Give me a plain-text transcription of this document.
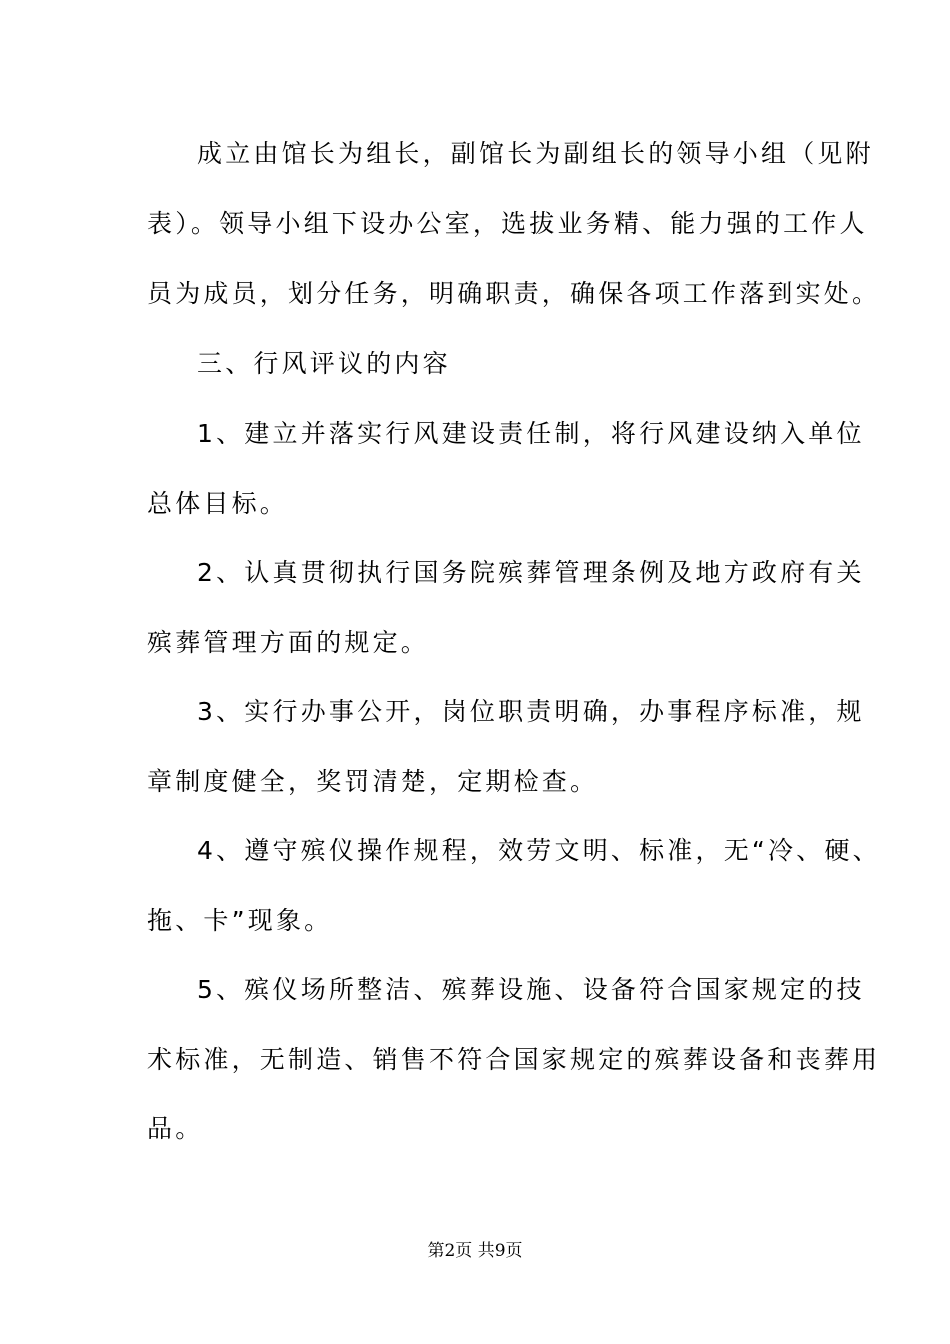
成立由馆长为组长，副馆长为副组长的领导小组（见附
表）。领导小组下设办公室，选拔业务精、能力强的工作人
员为成员，划分任务，明确职责，确保各项工作落到实处。
三、行风评议的内容
1、建立并落实行风建设责任制，将行风建设纳入单位
总体目标。
2、认真贯彻执行国务院殡葬管理条例及地方政府有关
殡葬管理方面的规定。
3、实行办事公开，岗位职责明确，办事程序标准，规
章制度健全，奖罚清楚，定期检查。
4、遵守殡仪操作规程，效劳文明、标准，无“冷、硬、
拖、卡”现象。
5、殡仪场所整洁、殡葬设施、设备符合国家规定的技
术标准，无制造、销售不符合国家规定的殡葬设备和丧葬用
品。
第2页 共9页
